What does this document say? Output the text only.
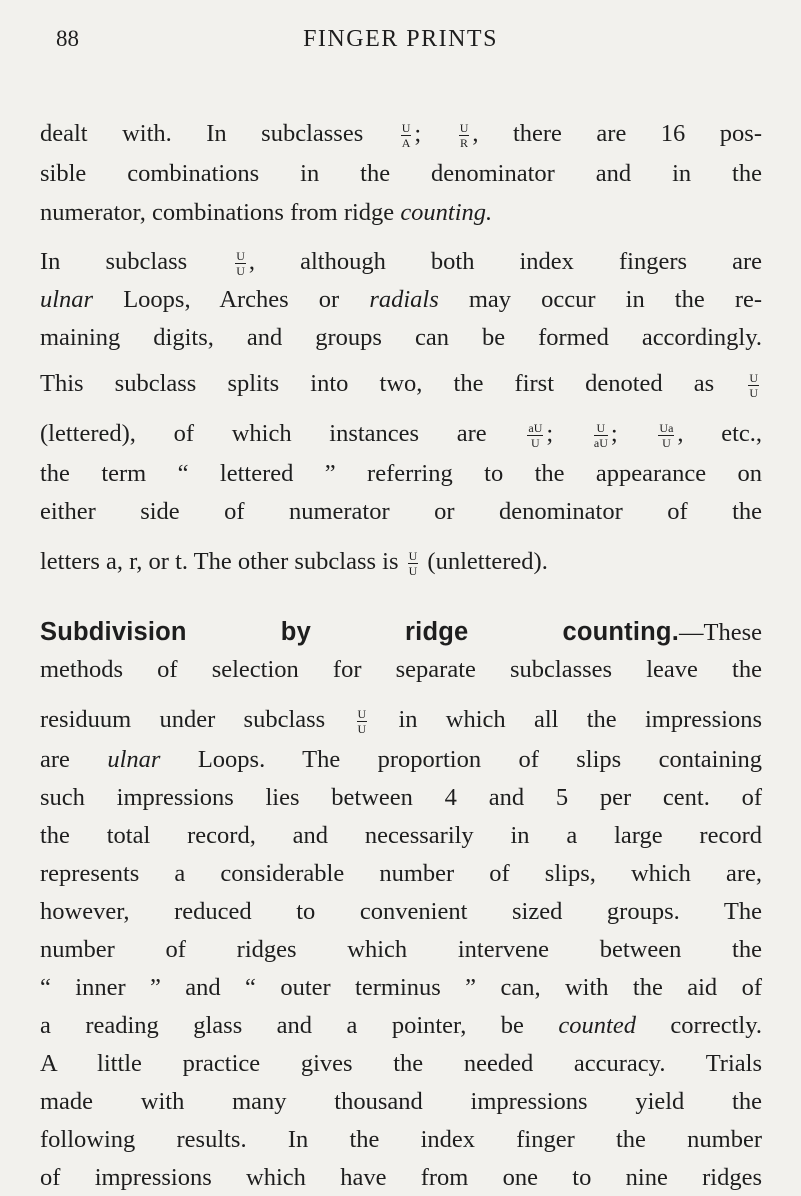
88	FINGER PRINTS
dealt with. In subclasses	$\frac{U}{A}$ ;	$\frac{U}{R}$ , there are 16 pos-
sible combinations in the denominator and in the
numerator, combinations from ridge counting.
In subclass	$\frac{U}{U}$ , although both index fingers are
ulnar Loops, Arches or radials may occur in the re-
maining digits, and groups can be formed accordingly.
This subclass splits into two, the first denoted as	$\frac{U}{U}$
(lettered), of which instances are	$\frac{aU}{U}$ ;	$\frac{U}{aU}$ ;	$\frac{Ua}{U}$ , etc.,
the term “ lettered ” referring to the appearance on
either side of numerator or denominator of the
letters a, r, or t. The other subclass is $\frac{U}{U}$ (unlettered).
Subdivision by ridge counting.—These
methods of selection for separate subclasses leave the
residuum under subclass	$\frac{U}{U}$ in which all the impressions
are ulnar Loops. The proportion of slips containing
such impressions lies between 4 and 5 per cent. of
the total record, and necessarily in a large record
represents a considerable number of slips, which are,
however, reduced to convenient sized groups. The
number of ridges which intervene between the
“ inner ” and “ outer terminus ” can, with the aid of
a reading glass and a pointer, be counted correctly.
A little practice gives the needed accuracy. Trials
made with many thousand impressions yield the
following results. In the index finger the number
of impressions which have from one to nine ridges
